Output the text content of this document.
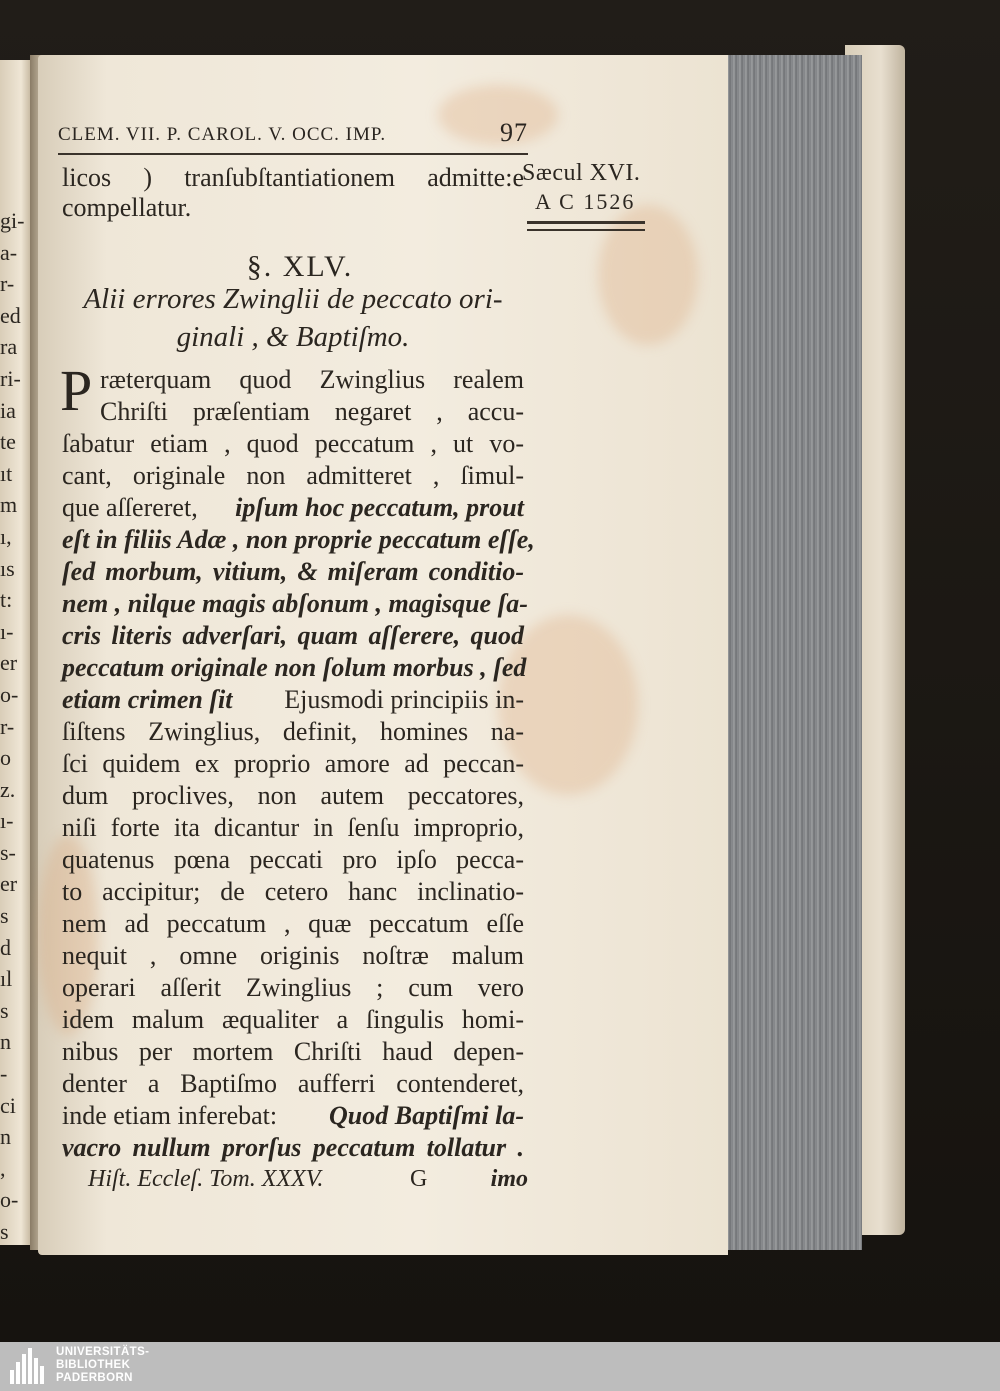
gi-
a-
r-
ed
ra
ri-
ia
te
ıt
m
ı,
ıs
t:
ı-
er
o-
r-
o
z.
ı-
s-
er
s
d
ıl
s
n
-
ci
n
,
o-
s
CLEM. VII. P. CAROL. V. OCC. IMP.	97
licos ) tranſubſtantiationem admitte:e
compellatur.
Sæcul XVI.
A C 1526
§. XLV.
Alii errores Zwinglii de peccato ori-
ginali , & Baptiſmo.
P ræterquam quod Zwinglius realem
Chriſti præſentiam negaret , accu-
ſabatur etiam , quod peccatum , ut vo-
cant, originale non admitteret , ſimul-
que aſſereret, ipſum hoc peccatum, prout
eſt in filiis Adæ , non proprie peccatum eſſe,
ſed morbum, vitium, & miſeram conditio-
nem , nilque magis abſonum , magisque ſa-
cris literis adverſari, quam aſſerere, quod
peccatum originale non ſolum morbus , ſed
etiam crimen ſit Ejusmodi principiis in-
ſiſtens Zwinglius, definit, homines na-
ſci quidem ex proprio amore ad peccan-
dum proclives, non autem peccatores,
niſi forte ita dicantur in ſenſu improprio,
quatenus pœna peccati pro ipſo pecca-
to accipitur; de cetero hanc inclinatio-
nem ad peccatum , quæ peccatum eſſe
nequit , omne originis noſtræ malum
operari aſſerit Zwinglius ; cum vero
idem malum æqualiter a ſingulis homi-
nibus per mortem Chriſti haud depen-
denter a Baptiſmo aufferri contenderet,
inde etiam inferebat: Quod Baptiſmi la-
vacro nullum prorſus peccatum tollatur .
Hiſt. Eccleſ. Tom. XXXV.	G	imo
UNIVERSITÄTS-
BIBLIOTHEK
PADERBORN
